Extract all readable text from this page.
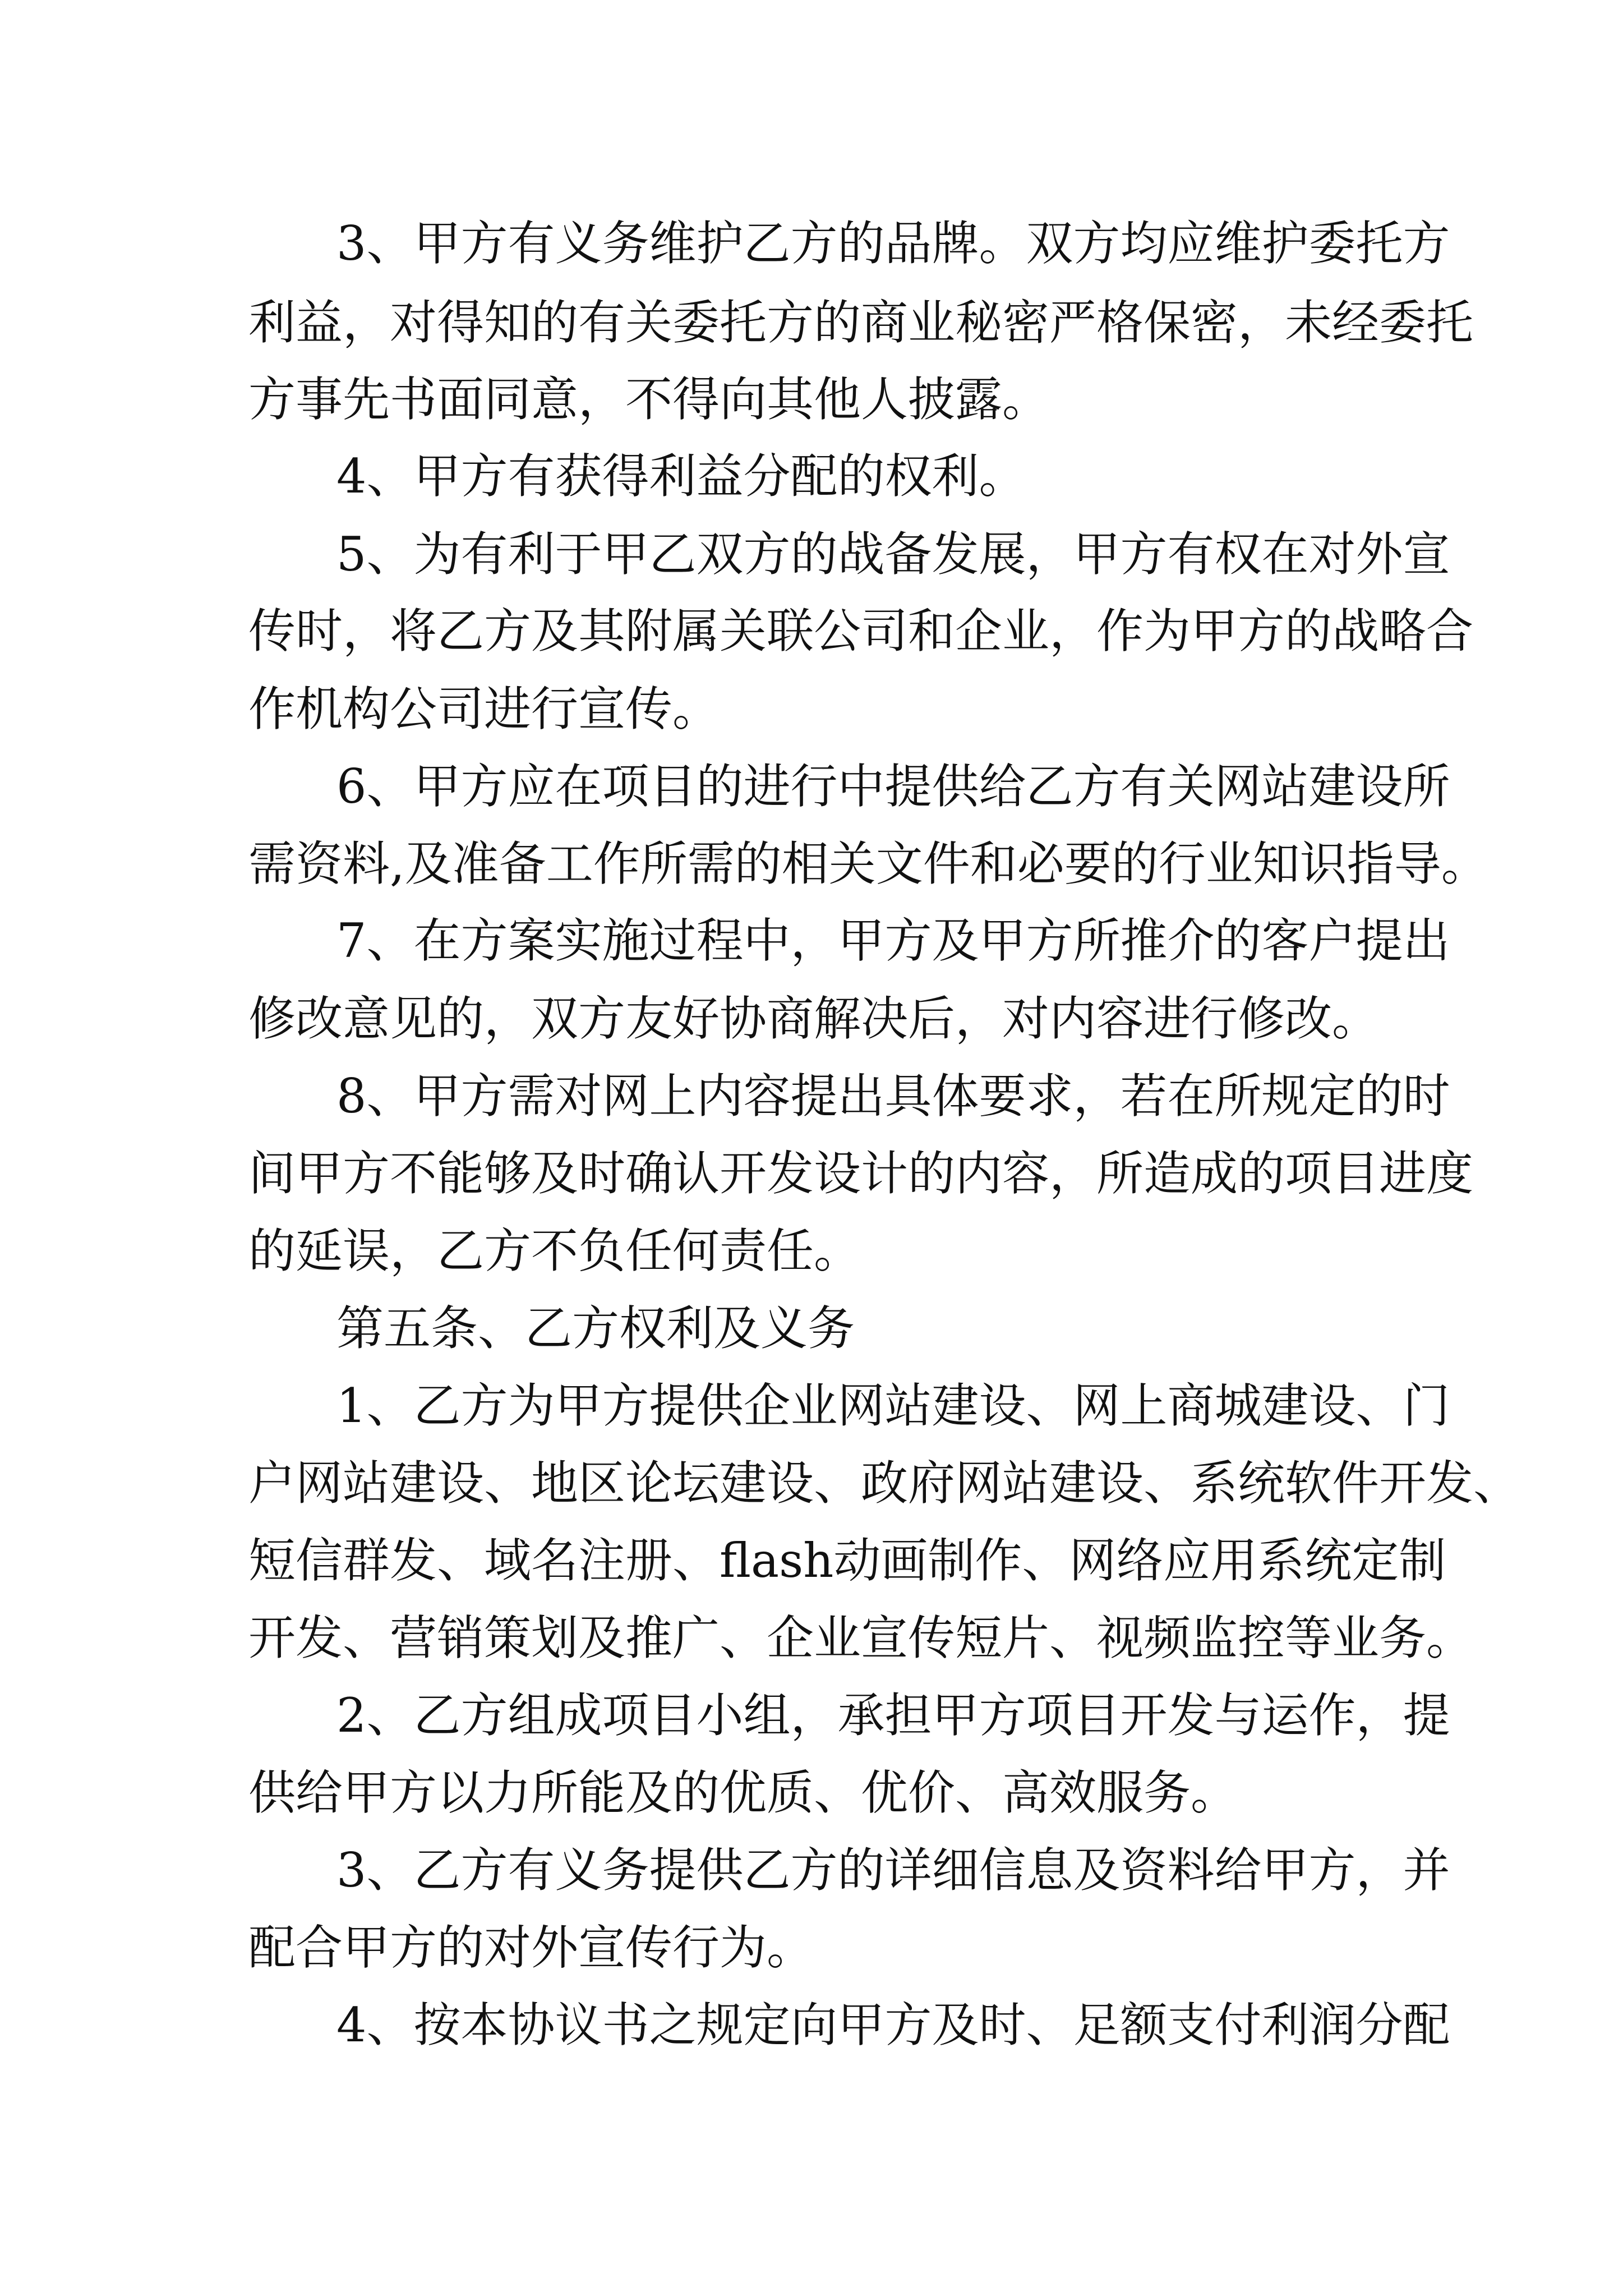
3、甲方有义务维护乙方的品牌。双方均应维护委托方
利益，对得知的有关委托方的商业秘密严格保密，未经委托
方事先书面同意，不得向其他人披露。
4、甲方有获得利益分配的权利。
5、为有利于甲乙双方的战备发展，甲方有权在对外宣
传时，将乙方及其附属关联公司和企业，作为甲方的战略合
作机构公司进行宣传。
6、甲方应在项目的进行中提供给乙方有关网站建设所
需资料,及准备工作所需的相关文件和必要的行业知识指导。
7、在方案实施过程中，甲方及甲方所推介的客户提出
修改意见的，双方友好协商解决后，对内容进行修改。
8、甲方需对网上内容提出具体要求，若在所规定的时
间甲方不能够及时确认开发设计的内容，所造成的项目进度
的延误，乙方不负任何责任。
第五条、乙方权利及义务
1、乙方为甲方提供企业网站建设、网上商城建设、门
户网站建设、地区论坛建设、政府网站建设、系统软件开发、
短信群发、域名注册、flash动画制作、网络应用系统定制
开发、营销策划及推广、企业宣传短片、视频监控等业务。
2、乙方组成项目小组，承担甲方项目开发与运作，提
供给甲方以力所能及的优质、优价、高效服务。
3、乙方有义务提供乙方的详细信息及资料给甲方，并
配合甲方的对外宣传行为。
4、按本协议书之规定向甲方及时、足额支付利润分配
